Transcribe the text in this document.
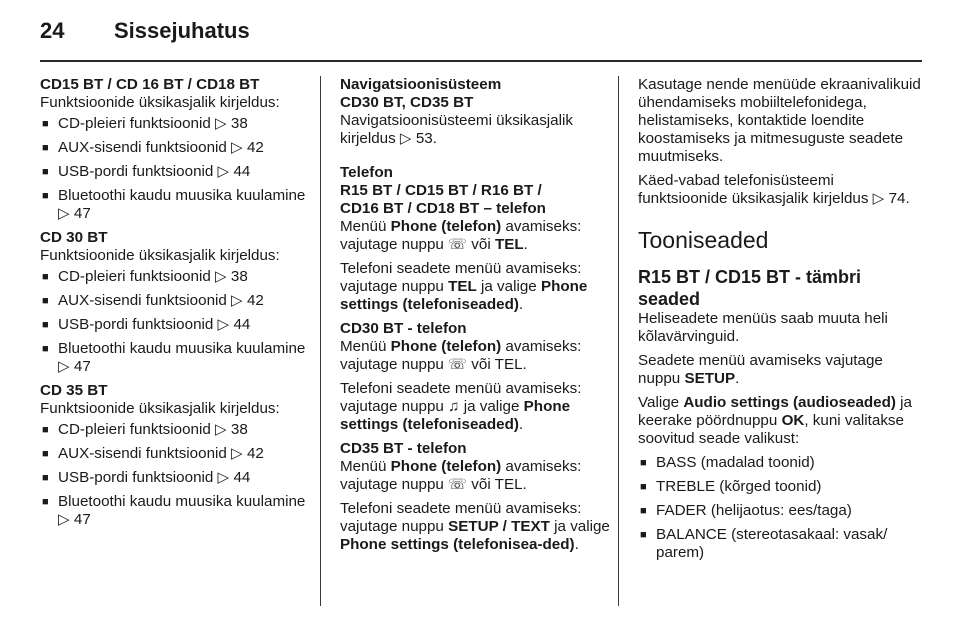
24 Sissejuhatus
CD15 BT / CD 16 BT / CD18 BT
Funktsioonide üksikasjalik kirjeldus:
■ CD-pleieri funktsioonid ▷ 38
■ AUX-sisendi funktsioonid ▷ 42
■ USB-pordi funktsioonid ▷ 44
■ Bluetoothi kaudu muusika kuulamine ▷ 47
CD 30 BT
Funktsioonide üksikasjalik kirjeldus:
■ CD-pleieri funktsioonid ▷ 38
■ AUX-sisendi funktsioonid ▷ 42
■ USB-pordi funktsioonid ▷ 44
■ Bluetoothi kaudu muusika kuulamine ▷ 47
CD 35 BT
Funktsioonide üksikasjalik kirjeldus:
■ CD-pleieri funktsioonid ▷ 38
■ AUX-sisendi funktsioonid ▷ 42
■ USB-pordi funktsioonid ▷ 44
■ Bluetoothi kaudu muusika kuulamine ▷ 47
Navigatsioonisüsteem
CD30 BT, CD35 BT

Navigatsioonisüsteemi üksikasjalik kirjeldus ▷ 53.

Telefon
R15 BT / CD15 BT / R16 BT /
CD16 BT / CD18 BT – telefon

Menüü Phone (telefon) avamiseks: vajutage nuppu ☏ või TEL.

Telefoni seadete menüü avamiseks: vajutage nuppu TEL ja valige Phone settings (telefoniseaded).

CD30 BT - telefon

Menüü Phone (telefon) avamiseks: vajutage nuppu ☏ või TEL.

Telefoni seadete menüü avamiseks: vajutage nuppu ♫ ja valige Phone settings (telefoniseaded).

CD35 BT - telefon

Menüü Phone (telefon) avamiseks: vajutage nuppu ☏ või TEL.

Telefoni seadete menüü avamiseks: vajutage nuppu SETUP / TEXT ja valige Phone settings (telefonisea-ded).

Kasutage nende menüüde ekraanivalikuid ühendamiseks mobiiltelefonidega, helistamiseks, kontaktide loendite koostamiseks ja mitmesuguste seadete muutmiseks.

Käed-vabad telefonisüsteemi funktsioonide üksikasjalik kirjeldus ▷ 74.

Tooniseaded
R15 BT / CD15 BT - tämbri seaded

Heliseadete menüüs saab muuta heli kõlavärvinguid.

Seadete menüü avamiseks vajutage nuppu SETUP.

Valige Audio settings (audioseaded) ja keerake pöördnuppu OK, kuni valitakse soovitud seade valikust:

■ BASS (madalad toonid)
■ TREBLE (kõrged toonid)
■ FADER (helijaotus: ees/taga)
■ BALANCE (stereotasakaal: vasak/ parem)
